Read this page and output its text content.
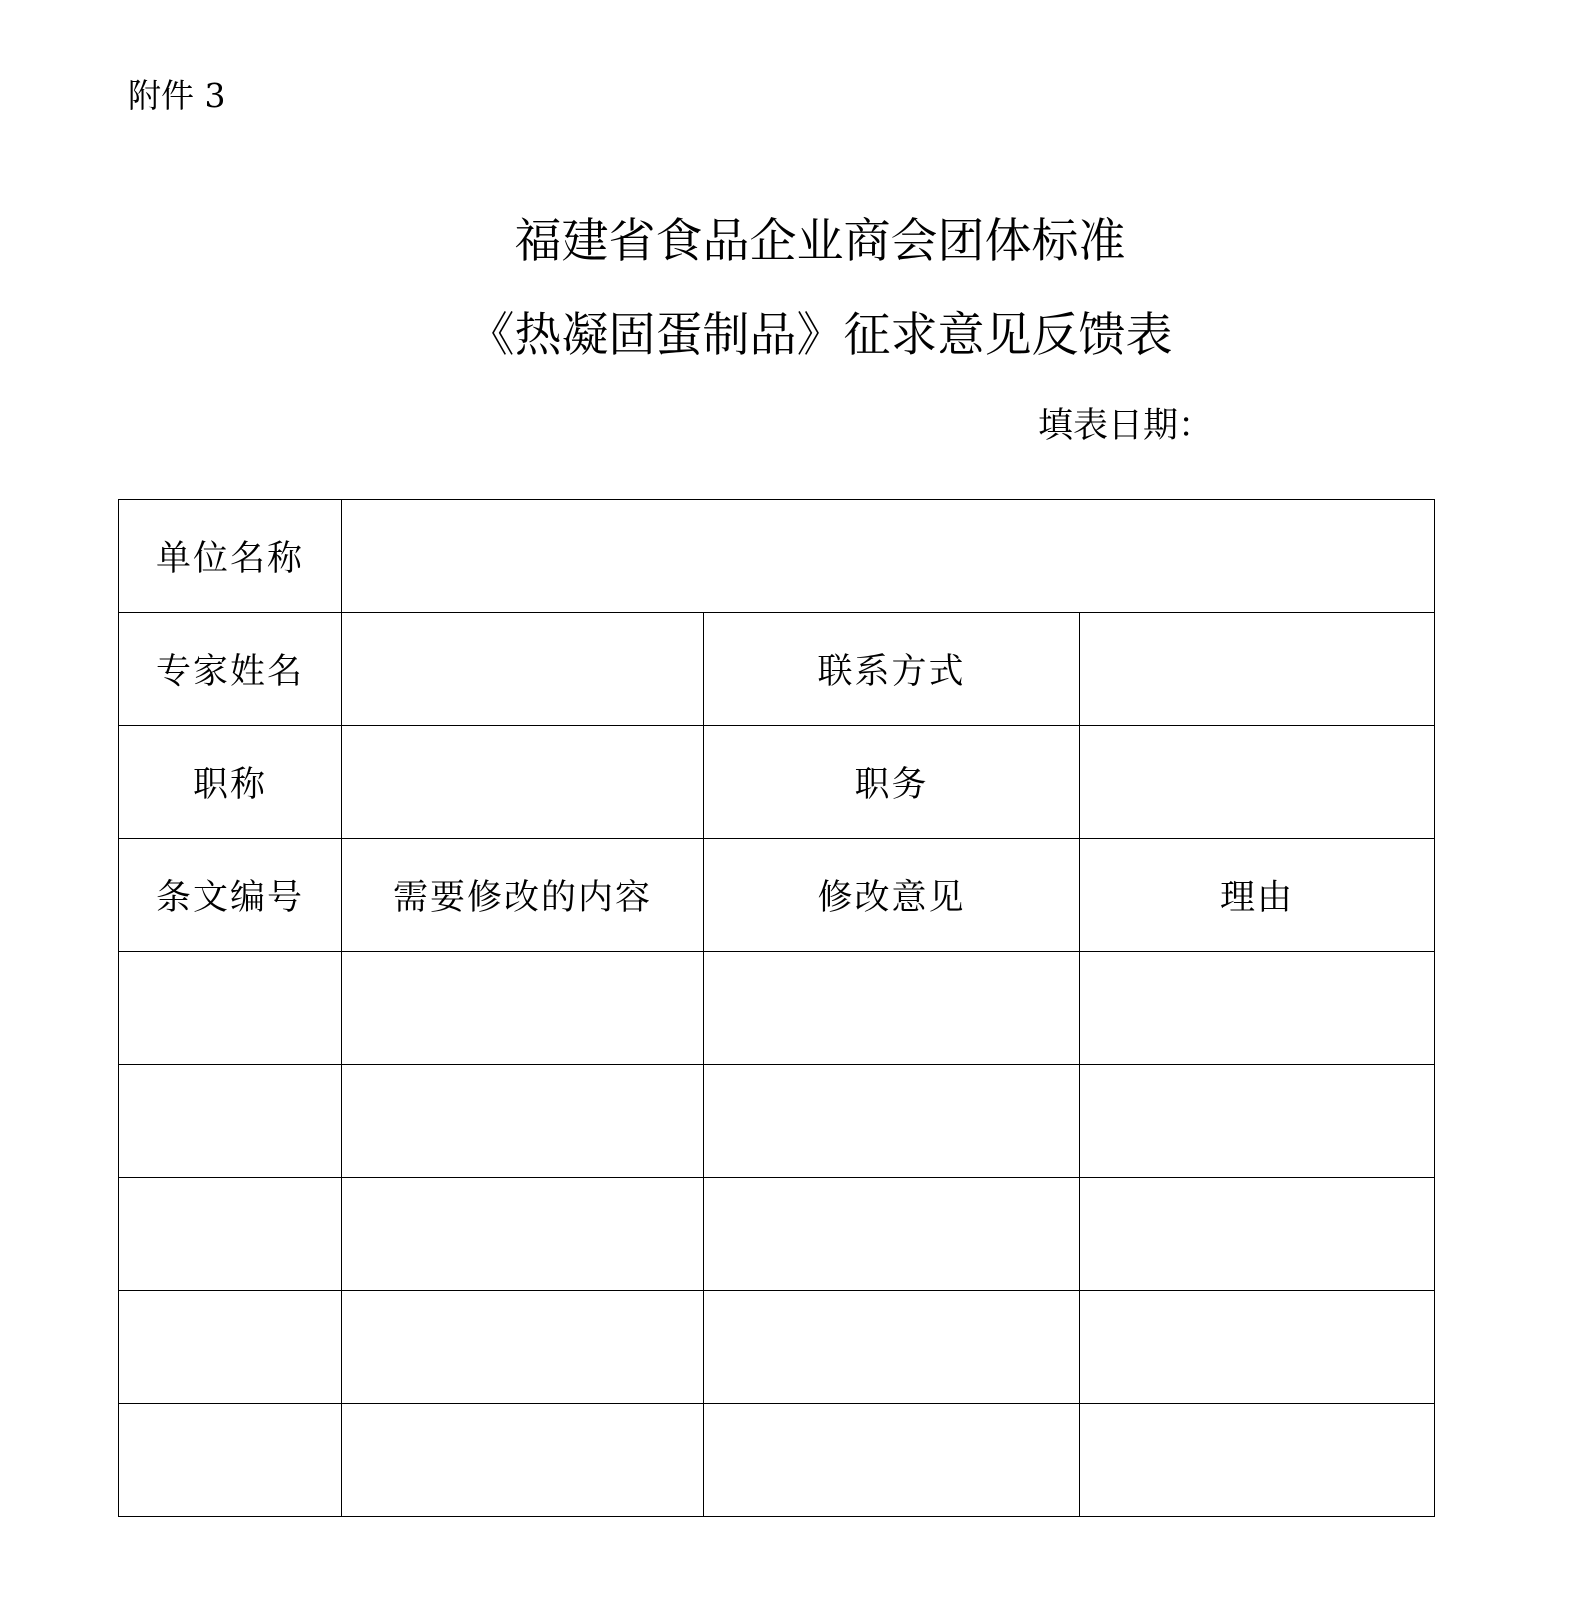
附件 3
福建省食品企业商会团体标准
《热凝固蛋制品》征求意见反馈表
填表日期：
单位名称			
专家姓名		联系方式	
职称		职务	
条文编号	需要修改的内容	修改意见	理由
